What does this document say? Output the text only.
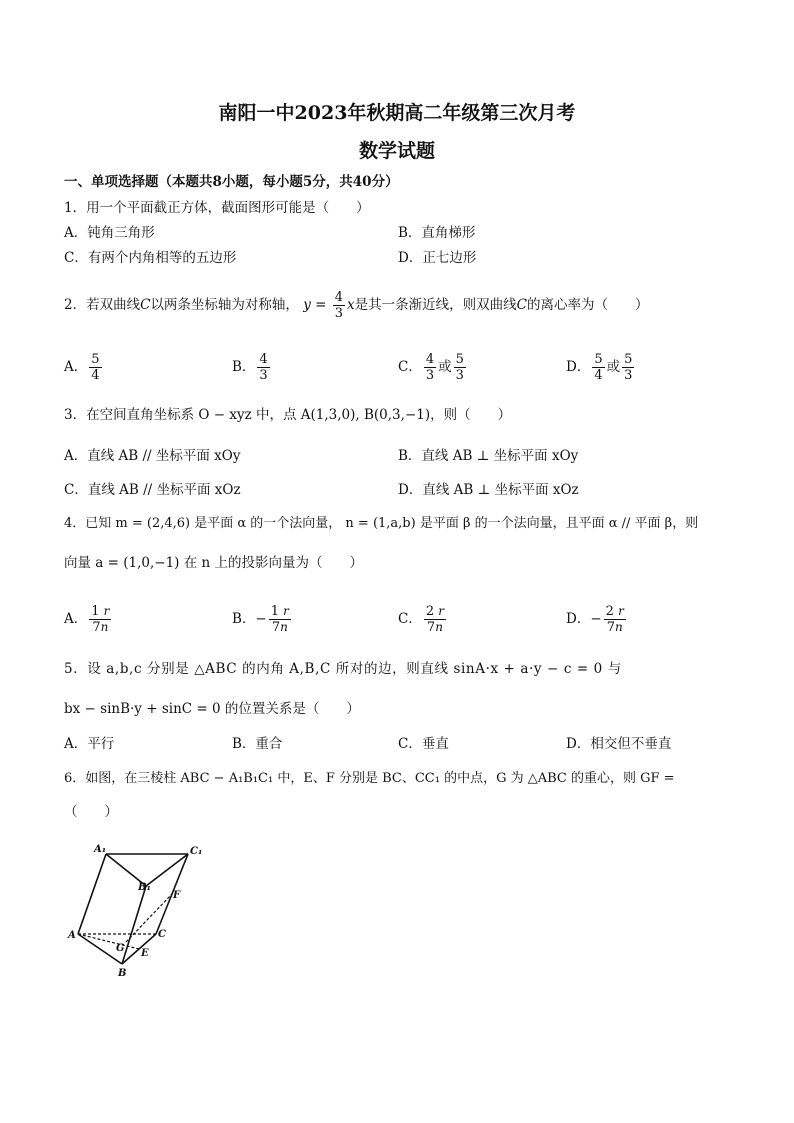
南阳一中2023年秋期高二年级第三次月考
数学试题
一、单项选择题（本题共8小题，每小题5分，共40分）
1．用一个平面截正方体，截面图形可能是（　　）
A．钝角三角形	B．直角梯形
C．有两个内角相等的五边形	D．正七边形
2．若双曲线C以两条坐标轴为对称轴， $y = \frac{4}{3}$ x是其一条渐近线，则双曲线C的离心率为（　　）
A． $\frac{5}{4}$	B． $\frac{4}{3}$	C． $\frac{4}{3}$ 或 $\frac{5}{3}$	D． $\frac{5}{4}$ 或 $\frac{5}{3}$
3．在空间直角坐标系 O − xyz 中，点 A(1,3,0), B(0,3,−1)，则（　　）
A．直线 AB // 坐标平面 xOy	B．直线 AB ⊥ 坐标平面 xOy
C．直线 AB // 坐标平面 xOz	D．直线 AB ⊥ 坐标平面 xOz
4．已知 m = (2,4,6) 是平面 α 的一个法向量， n = (1,a,b) 是平面 β 的一个法向量，且平面 α // 平面 β，则
向量 a = (1,0,−1) 在 n 上的投影向量为（　　）
A． $\frac{1 r}{7n}$	B．− $\frac{1 r}{7n}$	C． $\frac{2 r}{7n}$	D．− $\frac{2 r}{7n}$
5．设 a,b,c 分别是 △ABC 的内角 A,B,C 所对的边，则直线 sinA·x + a·y − c = 0 与
bx − sinB·y + sinC = 0 的位置关系是（　　）
A．平行	B．重合	C．垂直	D．相交但不垂直
6．如图，在三棱柱 ABC − A₁B₁C₁ 中，E、F 分别是 BC、CC₁ 的中点，G 为 △ABC 的重心，则 GF =
（　　）
A₁	C₁
B₁
F
A	C
G E
B
